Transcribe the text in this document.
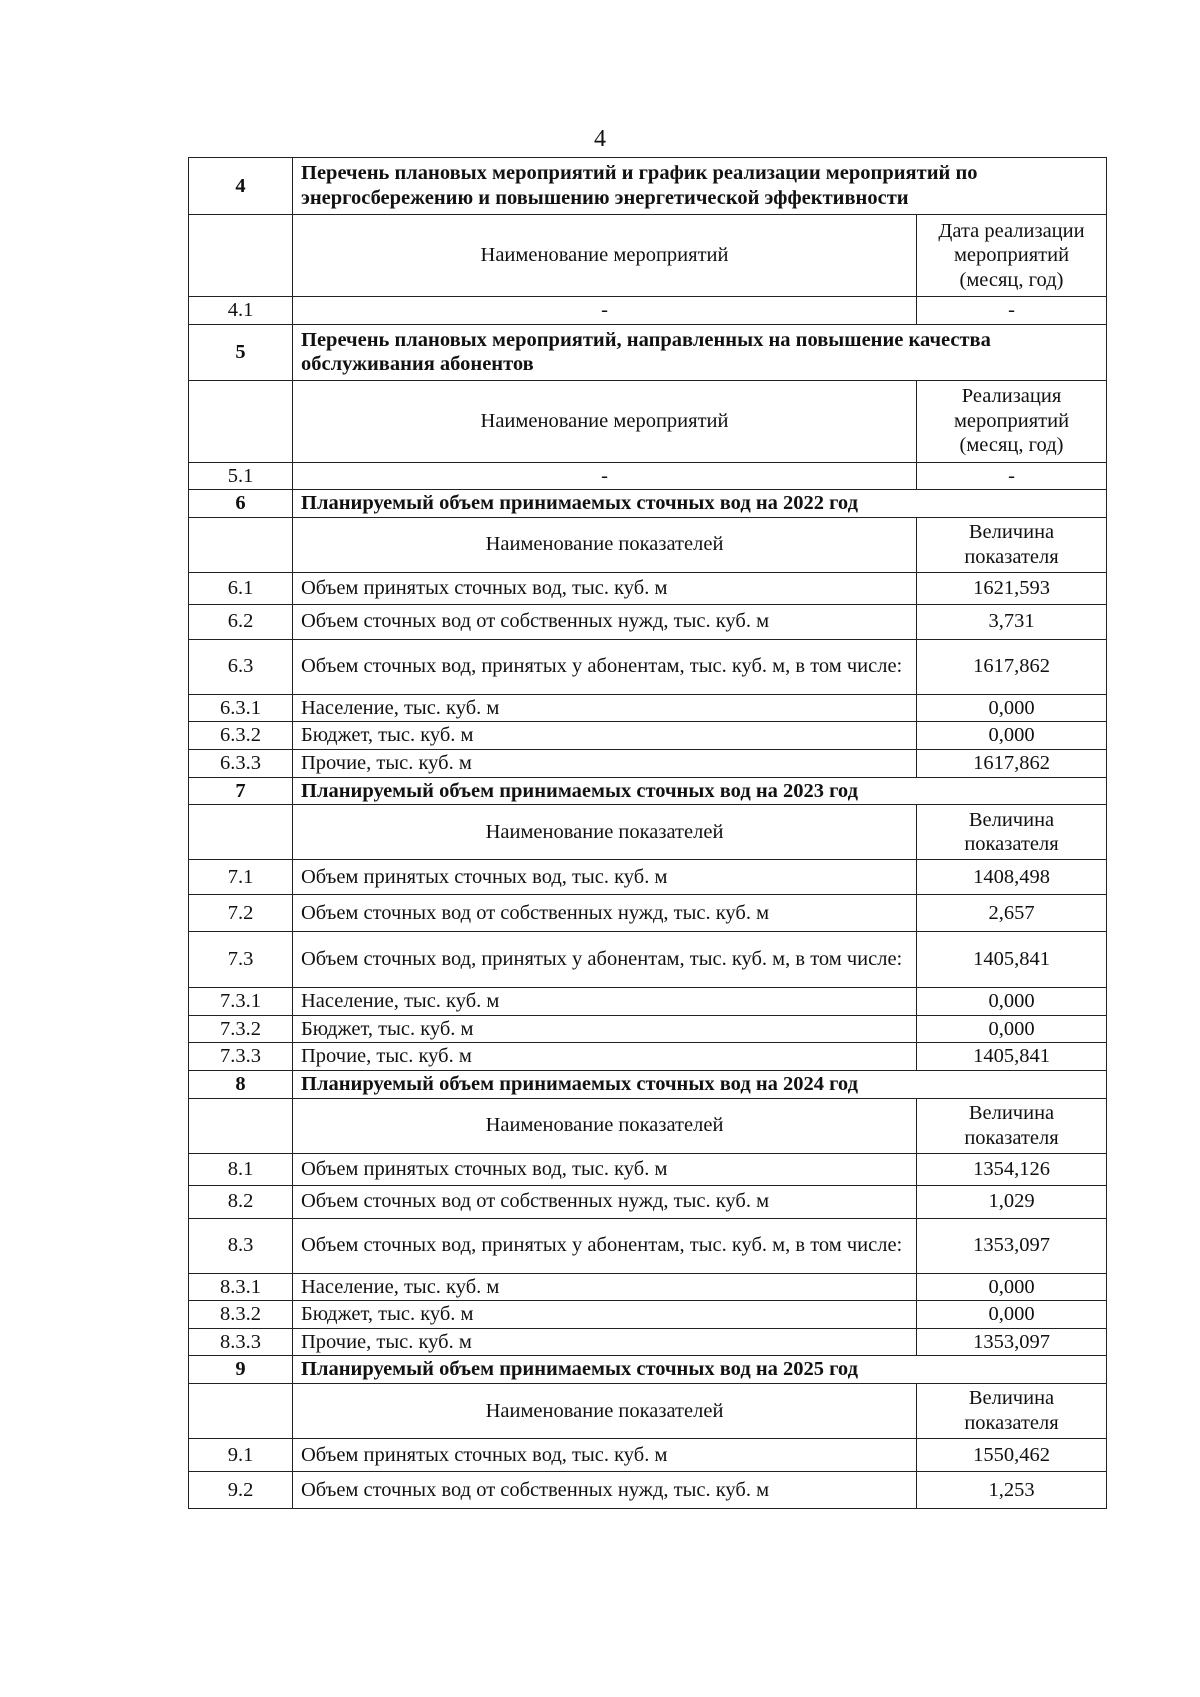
4
4	Перечень плановых мероприятий и график реализации мероприятий по энергосбережению и повышению энергетической эффективности	
	Наименование мероприятий	Дата реализации мероприятий (месяц, год)
4.1	-	-
5	Перечень плановых мероприятий, направленных на повышение качества обслуживания абонентов	
	Наименование мероприятий	Реализация мероприятий (месяц, год)
5.1	-	-
6	Планируемый объем принимаемых сточных вод на 2022 год	
	Наименование показателей	Величина показателя
6.1	Объем принятых сточных вод, тыс. куб. м	1621,593
6.2	Объем сточных вод от собственных нужд, тыс. куб. м	3,731
6.3	Объем сточных вод, принятых у абонентам, тыс. куб. м, в том числе:	1617,862
6.3.1	Население, тыс. куб. м	0,000
6.3.2	Бюджет, тыс. куб. м	0,000
6.3.3	Прочие, тыс. куб. м	1617,862
7	Планируемый объем принимаемых сточных вод на 2023 год	
	Наименование показателей	Величина показателя
7.1	Объем принятых сточных вод, тыс. куб. м	1408,498
7.2	Объем сточных вод от собственных нужд, тыс. куб. м	2,657
7.3	Объем сточных вод, принятых у абонентам, тыс. куб. м, в том числе:	1405,841
7.3.1	Население, тыс. куб. м	0,000
7.3.2	Бюджет, тыс. куб. м	0,000
7.3.3	Прочие, тыс. куб. м	1405,841
8	Планируемый объем принимаемых сточных вод на 2024 год	
	Наименование показателей	Величина показателя
8.1	Объем принятых сточных вод, тыс. куб. м	1354,126
8.2	Объем сточных вод от собственных нужд, тыс. куб. м	1,029
8.3	Объем сточных вод, принятых у абонентам, тыс. куб. м, в том числе:	1353,097
8.3.1	Население, тыс. куб. м	0,000
8.3.2	Бюджет, тыс. куб. м	0,000
8.3.3	Прочие, тыс. куб. м	1353,097
9	Планируемый объем принимаемых сточных вод на 2025 год	
	Наименование показателей	Величина показателя
9.1	Объем принятых сточных вод, тыс. куб. м	1550,462
9.2	Объем сточных вод от собственных нужд, тыс. куб. м	1,253
